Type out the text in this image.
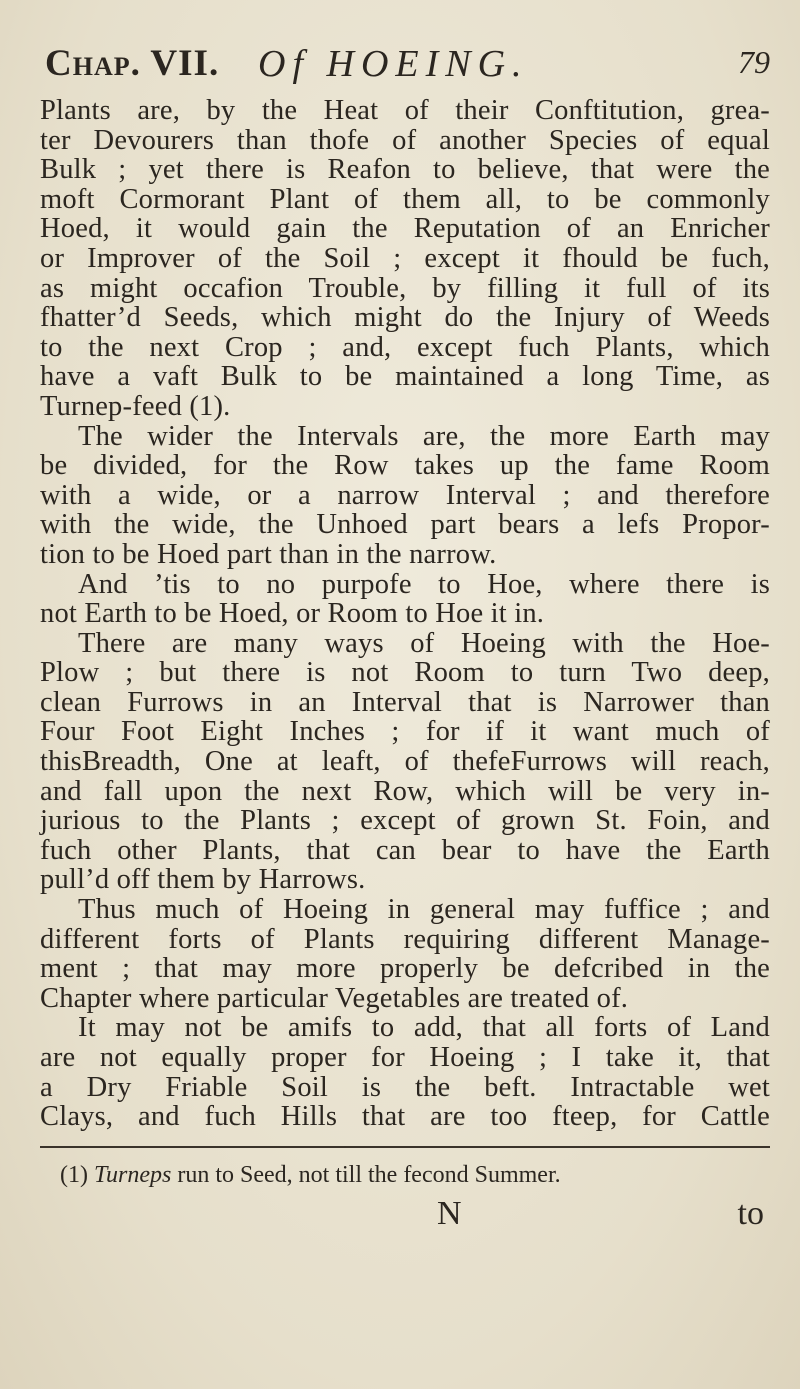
Chap. VII. Of HOEING.	79
Plants are, by the Heat of their Conftitution, grea-
ter Devourers than thofe of another Species of equal
Bulk ; yet there is Reafon to believe, that were the
moft Cormorant Plant of them all, to be commonly
Hoed, it would gain the Reputation of an Enricher
or Improver of the Soil ; except it fhould be fuch,
as might occafion Trouble, by filling it full of its
fhatter’d Seeds, which might do the Injury of Weeds
to the next Crop ; and, except fuch Plants, which
have a vaft Bulk to be maintained a long Time, as
Turnep-feed (1).
The wider the Intervals are, the more Earth may
be divided, for the Row takes up the fame Room
with a wide, or a narrow Interval ; and therefore
with the wide, the Unhoed part bears a lefs Propor-
tion to be Hoed part than in the narrow.
And ’tis to no purpofe to Hoe, where there is
not Earth to be Hoed, or Room to Hoe it in.
There are many ways of Hoeing with the Hoe-
Plow ; but there is not Room to turn Two deep,
clean Furrows in an Interval that is Narrower than
Four Foot Eight Inches ; for if it want much of
thisBreadth, One at leaft, of thefeFurrows will reach,
and fall upon the next Row, which will be very in-
jurious to the Plants ; except of grown St. Foin, and
fuch other Plants, that can bear to have the Earth
pull’d off them by Harrows.
Thus much of Hoeing in general may fuffice ; and
different forts of Plants requiring different Manage-
ment ; that may more properly be defcribed in the
Chapter where particular Vegetables are treated of.
It may not be amifs to add, that all forts of Land
are not equally proper for Hoeing ; I take it, that
a Dry Friable Soil is the beft. Intractable wet
Clays, and fuch Hills that are too fteep, for Cattle
(1) Turneps run to Seed, not till the fecond Summer.
N	to
